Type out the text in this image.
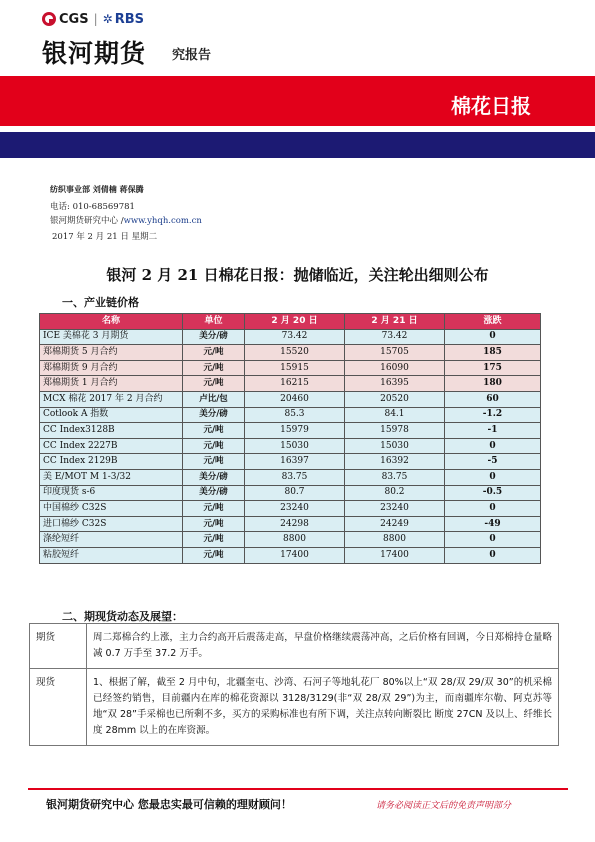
CGS | ✲ RBS
银河期货 究报告
棉花日报
纺织事业部 刘倩楠 蒋保腾
电话: 010-68569781
银河期货研究中心 /www.yhqh.com.cn
2017 年 2 月 21 日 星期二
银河 2 月 21 日棉花日报：抛储临近，关注轮出细则公布
一、产业链价格
名称	单位	2 月 20 日	2 月 21 日	涨跌
ICE 美棉花 3 月期货	美分/磅	73.42	73.42	0
郑棉期货 5 月合约	元/吨	15520	15705	185
郑棉期货 9 月合约	元/吨	15915	16090	175
郑棉期货 1 月合约	元/吨	16215	16395	180
MCX 棉花 2017 年 2 月合约	卢比/包	20460	20520	60
Cotlook A 指数	美分/磅	85.3	84.1	-1.2
CC Index3128B	元/吨	15979	15978	-1
CC Index 2227B	元/吨	15030	15030	0
CC Index 2129B	元/吨	16397	16392	-5
美 E/MOT M 1-3/32	美分/磅	83.75	83.75	0
印度现货 s-6	美分/磅	80.7	80.2	-0.5
中国棉纱 C32S	元/吨	23240	23240	0
进口棉纱 C32S	元/吨	24298	24249	-49
涤纶短纤	元/吨	8800	8800	0
粘胶短纤	元/吨	17400	17400	0
二、期现货动态及展望：
期货	周二郑棉合约上涨，主力合约高开后震荡走高，早盘价格继续震荡冲高，之后价格有回调，今日郑棉持仓量略减 0.7 万手至 37.2 万手。
现货	1、根据了解，截至 2 月中旬，北疆奎屯、沙湾、石河子等地轧花厂 80%以上“双 28/双 29/双 30”的机采棉已经签约销售，目前疆内在库的棉花资源以 3128/3129(非“双 28/双 29”)为主，而南疆库尔勒、阿克苏等地“双 28”手采棉也已所剩不多，买方的采购标准也有所下调，关注点转向断裂比 断度 27CN 及以上、纤维长度 28mm 以上的在库资源。
银河期货研究中心 您最忠实最可信赖的理财顾问！	请务必阅读正文后的免责声明部分
